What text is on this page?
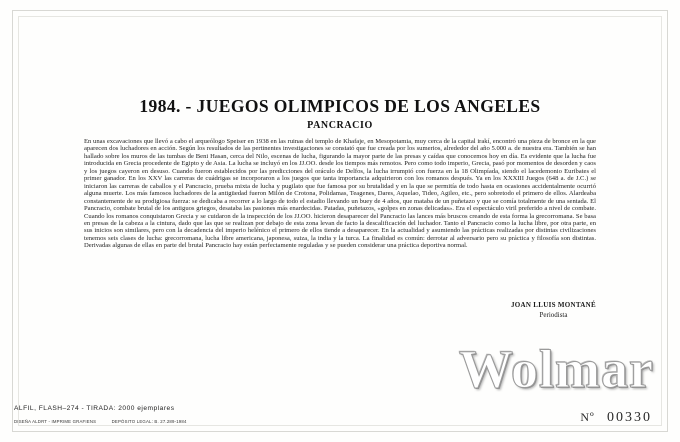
1984. - JUEGOS OLIMPICOS DE LOS ANGELES
PANCRACIO

En unas excavaciones que llevó a cabo el arqueólogo Speiser en 1938 en las ruinas del templo de Khafaje, en Mesopotamia, muy cerca de la capital irakí, encontró una pieza de bronce en la que aparecen dos luchadores en acción. Según los resultados de las pertinentes investigaciones se constató que fue creada por los sumerios, alrededor del año 5.000 a. de nuestra era. También se han hallado sobre los muros de las tumbas de Beni Hasan, cerca del Nilo, escenas de lucha, figurando la mayor parte de las presas y caídas que conocemos hoy en día. Es evidente que la lucha fue introducida en Grecia procedente de Egipto y de Asia. La lucha se incluyó en los JJ.OO. desde los tiempos más remotos. Pero como todo imperio, Grecia, pasó por momentos de desorden y caos y los juegos cayeron en desuso. Cuando fueron establecidos por las predicciones del oráculo de Delfos, la lucha irrumpió con fuerza en la 18 Olimpíada, siendo el lacedemonio Euribates el primer ganador. En los XXV las carreras de cuádrigas se incorporaron a los juegos que tanta importancia adquirieron con los romanos después. Ya en los XXXIII Juegos (648 a. de J.C.) se iniciaron las carreras de caballos y el Pancracio, prueba mixta de lucha y pugilato que fue famosa por su brutalidad y en la que se permitía de todo hasta en ocasiones accidentalmente ocurrió alguna muerte. Los más famosos luchadores de la antigüedad fueron Milón de Crotona, Polidamas, Teagenes, Dares, Aquelao, Tideo, Agileo, etc., pero sobretodo el primero de ellos. Alardeaba constantemente de su prodigiosa fuerza: se dedicaba a recorrer a lo largo de todo el estadio llevando un buey de 4 años, que mataba de un puñetazo y que se comía totalmente de una sentada. El Pancracio, combate brutal de los antiguos griegos, desataba las pasiones más enardecidas. Patadas, puñetazos, «golpes en zonas delicadas». Era el espectáculo viril preferido a nivel de combate. Cuando los romanos conquistaron Grecia y se cuidaron de la inspección de los JJ.OO. hicieron desaparecer del Pancracio las lances más bruscos creando de esta forma la grecorromana. Se basa en presas de la cabeza a la cintura, dado que las que se realizan por debajo de esta zona levan de facto la descalificación del luchador. Tanto el Pancracio como la lucha libre, por otra parte, en sus inicios son similares, pero con la decadencia del imperio helénico el primero de ellos tiende a desaparecer. En la actualidad y asumiendo las prácticas realizadas por distintas civilizaciones tenemos seis clases de lucha: grecorromana, lucha libre americana, japonesa, suiza, la india y la turca. La finalidad es común: derrotar al adversario pero su práctica y filosofía son distintas. Derivadas algunas de ellas en parte del brutal Pancracio hay están perfectamente reguladas y se pueden considerar una práctica deportiva normal.

JOAN LLUIS MONTANÉ
Periodista
Wolmar
Nº 00330
ALFIL, FLASH–274 - TIRADA: 2000 ejemplares
DISEÑA ALDRT - IMPRIME GRAFIENS	DEPÓSITO LEGAL: B. 27.289-1984
